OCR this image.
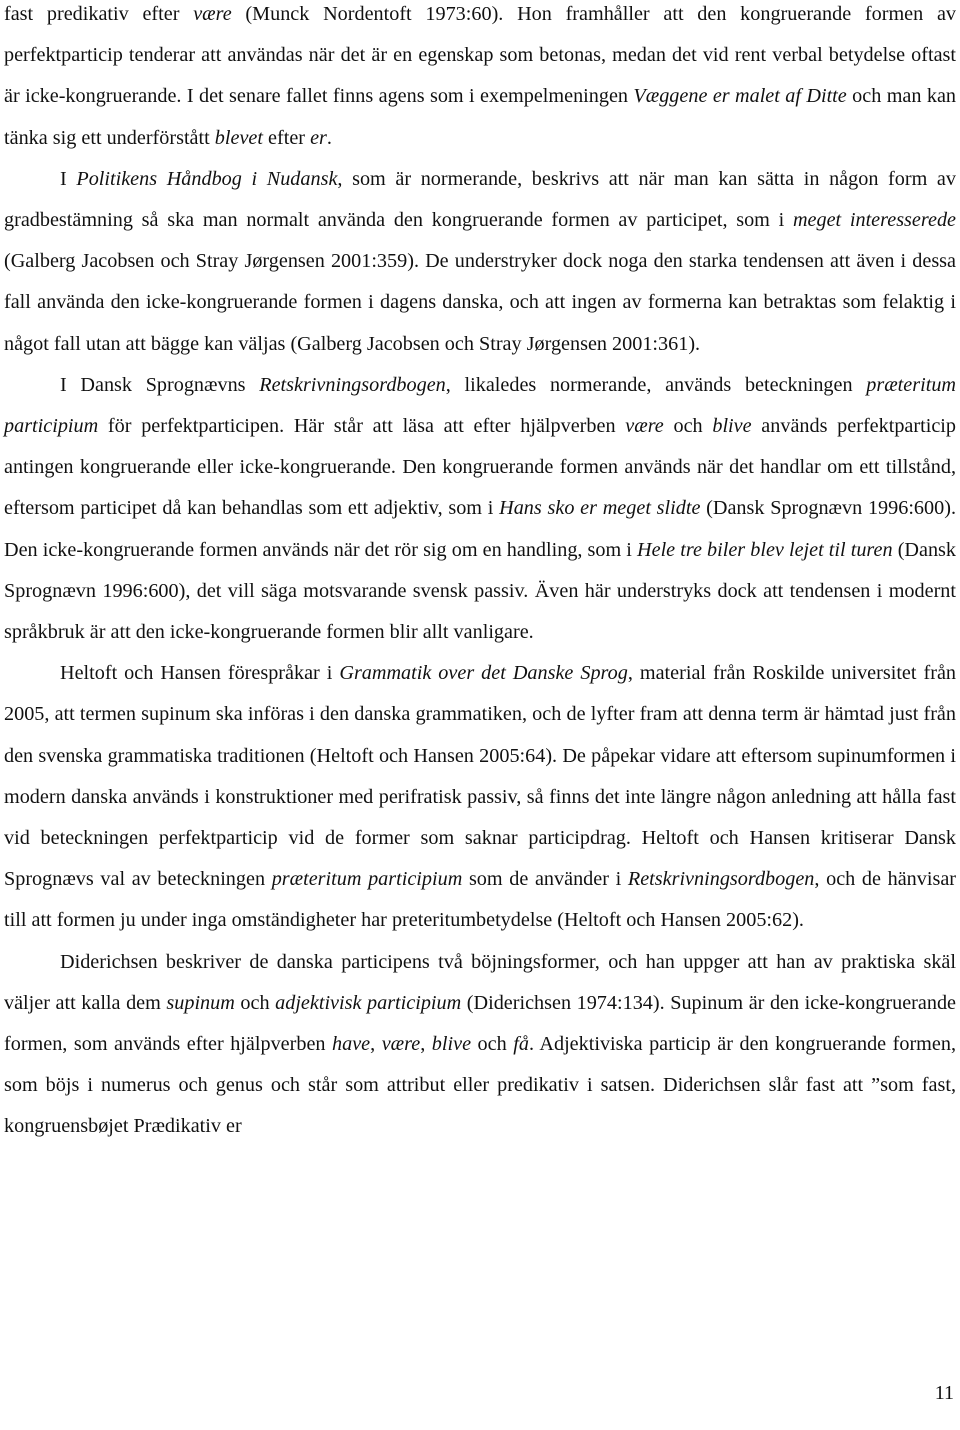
fast predikativ efter være (Munck Nordentoft 1973:60). Hon framhåller att den kongruerande formen av perfektparticip tenderar att användas när det är en egenskap som betonas, medan det vid rent verbal betydelse oftast är icke-kongruerande. I det senare fallet finns agens som i exempelmeningen Væggene er malet af Ditte och man kan tänka sig ett underförstått blevet efter er.

I Politikens Håndbog i Nudansk, som är normerande, beskrivs att när man kan sätta in någon form av gradbestämning så ska man normalt använda den kongruerande formen av participet, som i meget interesserede (Galberg Jacobsen och Stray Jørgensen 2001:359). De understryker dock noga den starka tendensen att även i dessa fall använda den icke-kongruerande formen i dagens danska, och att ingen av formerna kan betraktas som felaktig i något fall utan att bägge kan väljas (Galberg Jacobsen och Stray Jørgensen 2001:361).

I Dansk Sprognævns Retskrivningsordbogen, likaledes normerande, används beteckningen præteritum participium för perfektparticipen. Här står att läsa att efter hjälpverben være och blive används perfektparticip antingen kongruerande eller icke-kongruerande. Den kongruerande formen används när det handlar om ett tillstånd, eftersom participet då kan behandlas som ett adjektiv, som i Hans sko er meget slidte (Dansk Sprognævn 1996:600). Den icke-kongruerande formen används när det rör sig om en handling, som i Hele tre biler blev lejet til turen (Dansk Sprognævn 1996:600), det vill säga motsvarande svensk passiv. Även här understryks dock att tendensen i modernt språkbruk är att den icke-kongruerande formen blir allt vanligare.

Heltoft och Hansen förespråkar i Grammatik over det Danske Sprog, material från Roskilde universitet från 2005, att termen supinum ska införas i den danska grammatiken, och de lyfter fram att denna term är hämtad just från den svenska grammatiska traditionen (Heltoft och Hansen 2005:64). De påpekar vidare att eftersom supinumformen i modern danska används i konstruktioner med perifratisk passiv, så finns det inte längre någon anledning att hålla fast vid beteckningen perfektparticip vid de former som saknar participdrag. Heltoft och Hansen kritiserar Dansk Sprognævs val av beteckningen præteritum participium som de använder i Retskrivningsordbogen, och de hänvisar till att formen ju under inga omständigheter har preteritumbetydelse (Heltoft och Hansen 2005:62).

Diderichsen beskriver de danska participens två böjningsformer, och han uppger att han av praktiska skäl väljer att kalla dem supinum och adjektivisk participium (Diderichsen 1974:134). Supinum är den icke-kongruerande formen, som används efter hjälpverben have, være, blive och få. Adjektiviska particip är den kongruerande formen, som böjs i numerus och genus och står som attribut eller predikativ i satsen. Diderichsen slår fast att ”som fast, kongruensbøjet Prædikativ er

11
